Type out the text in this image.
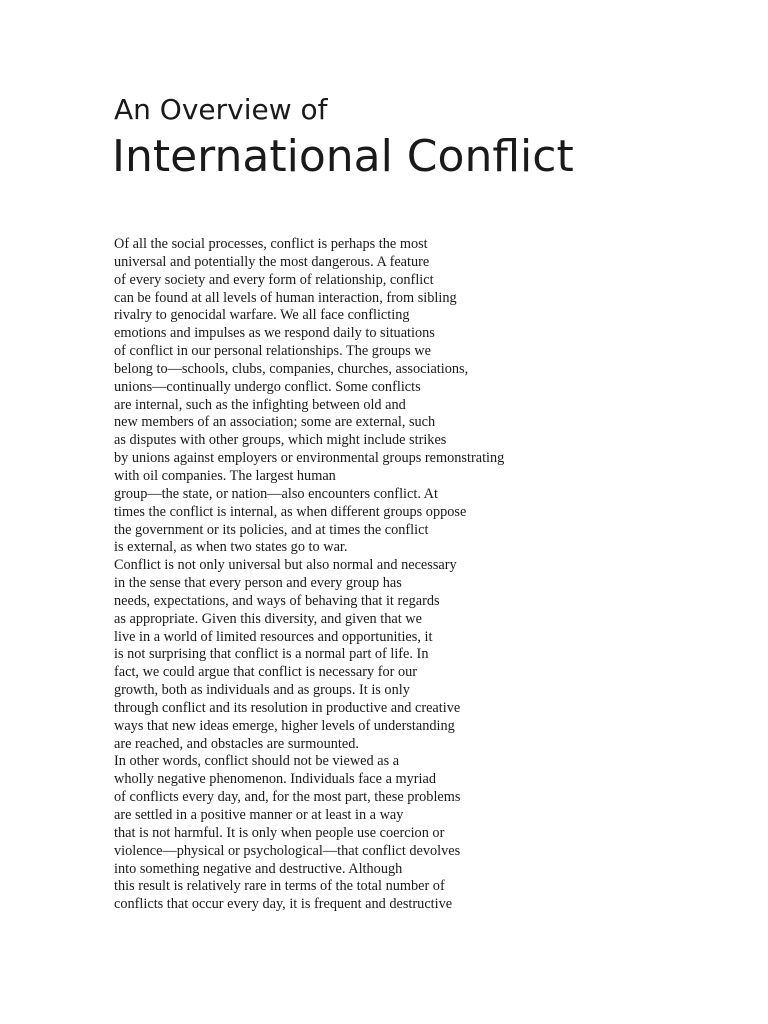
An Overview of
International Conflict
Of all the social processes, conflict is perhaps the most
universal and potentially the most dangerous. A feature
of every society and every form of relationship, conflict
can be found at all levels of human interaction, from sibling
rivalry to genocidal warfare. We all face conflicting
emotions and impulses as we respond daily to situations
of conflict in our personal relationships. The groups we
belong to—schools, clubs, companies, churches, associations,
unions—continually undergo conflict. Some conflicts
are internal, such as the infighting between old and
new members of an association; some are external, such
as disputes with other groups, which might include strikes
by unions against employers or environmental groups remonstrating
with oil companies. The largest human
group—the state, or nation—also encounters conflict. At
times the conflict is internal, as when different groups oppose
the government or its policies, and at times the conflict
is external, as when two states go to war.
Conflict is not only universal but also normal and necessary
in the sense that every person and every group has
needs, expectations, and ways of behaving that it regards
as appropriate. Given this diversity, and given that we
live in a world of limited resources and opportunities, it
is not surprising that conflict is a normal part of life. In
fact, we could argue that conflict is necessary for our
growth, both as individuals and as groups. It is only
through conflict and its resolution in productive and creative
ways that new ideas emerge, higher levels of understanding
are reached, and obstacles are surmounted.
In other words, conflict should not be viewed as a
wholly negative phenomenon. Individuals face a myriad
of conflicts every day, and, for the most part, these problems
are settled in a positive manner or at least in a way
that is not harmful. It is only when people use coercion or
violence—physical or psychological—that conflict devolves
into something negative and destructive. Although
this result is relatively rare in terms of the total number of
conflicts that occur every day, it is frequent and destructive
